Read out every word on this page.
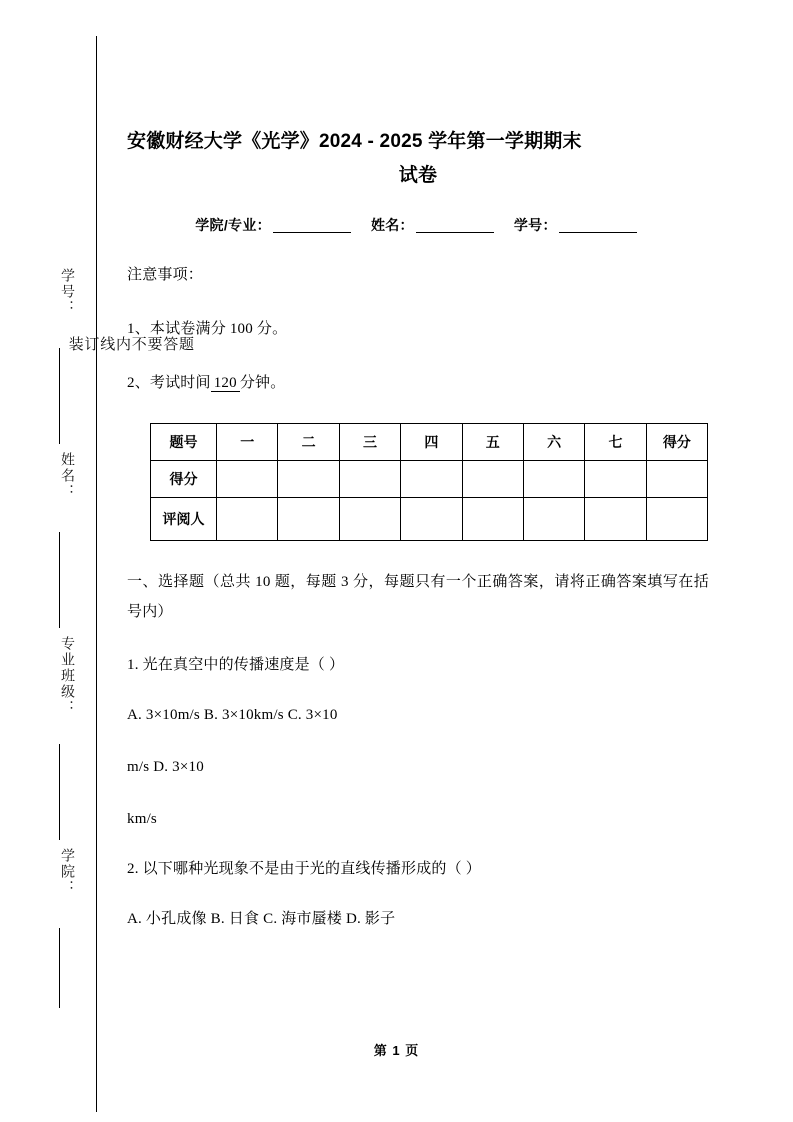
题
答
要
不
内
线
订
装
学号：
姓名：
专业班级：
学院：
安徽财经大学《光学》2024 - 2025 学年第一学期期末
试卷
学院/专业：	姓名：	学号：

注意事项：

1、本试卷满分 100 分。

2、考试时间 120 分钟。

题号	一	二	三	四	五	六	七	得分
得分								
评阅人								

一、选择题（总共 10 题，每题 3 分，每题只有一个正确答案，请将正确答案填写在括号内）

1. 光在真空中的传播速度是（ ）

A. 3×10m/s B. 3×10km/s C. 3×10
m/s D. 3×10
km/s

2. 以下哪种光现象不是由于光的直线传播形成的（ ）

A. 小孔成像 B. 日食 C. 海市蜃楼 D. 影子
第 1 页
